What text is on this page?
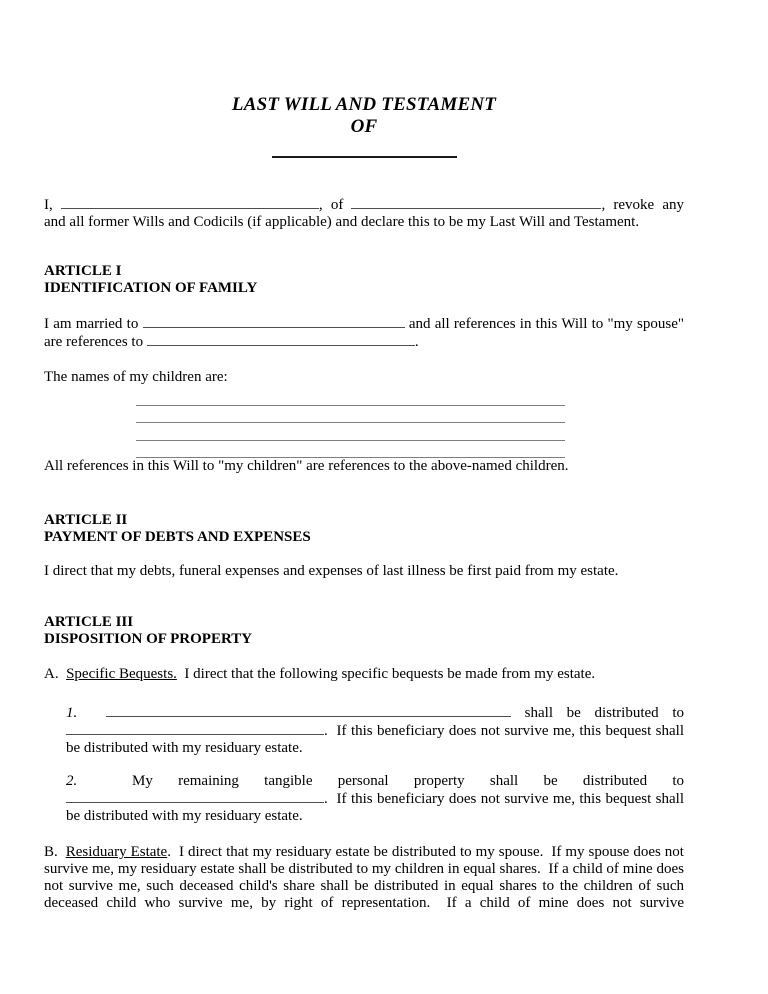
LAST WILL AND TESTAMENT
OF

I,	, of	, revoke any and all former Wills and Codicils (if applicable) and declare this to be my Last Will and Testament.

ARTICLE I
IDENTIFICATION OF FAMILY

I am married to	and all references in this Will to "my spouse" are references to	.

The names of my children are:

All references in this Will to "my children" are references to the above-named children.

ARTICLE II
PAYMENT OF DEBTS AND EXPENSES

I direct that my debts, funeral expenses and expenses of last illness be first paid from my estate.

ARTICLE III
DISPOSITION OF PROPERTY

A.  Specific Bequests.  I direct that the following specific bequests be made from my estate.

1.	shall be distributed to .  If this beneficiary does not survive me, this bequest shall be distributed with my residuary estate.
2.	My remaining tangible personal property shall be distributed to .  If this beneficiary does not survive me, this bequest shall be distributed with my residuary estate.

B.  Residuary Estate.  I direct that my residuary estate be distributed to my spouse.  If my spouse does not survive me, my residuary estate shall be distributed to my children in equal shares.  If a child of mine does not survive me, such deceased child's share shall be distributed in equal shares to the children of such deceased child who survive me, by right of representation.  If a child of mine does not survive
